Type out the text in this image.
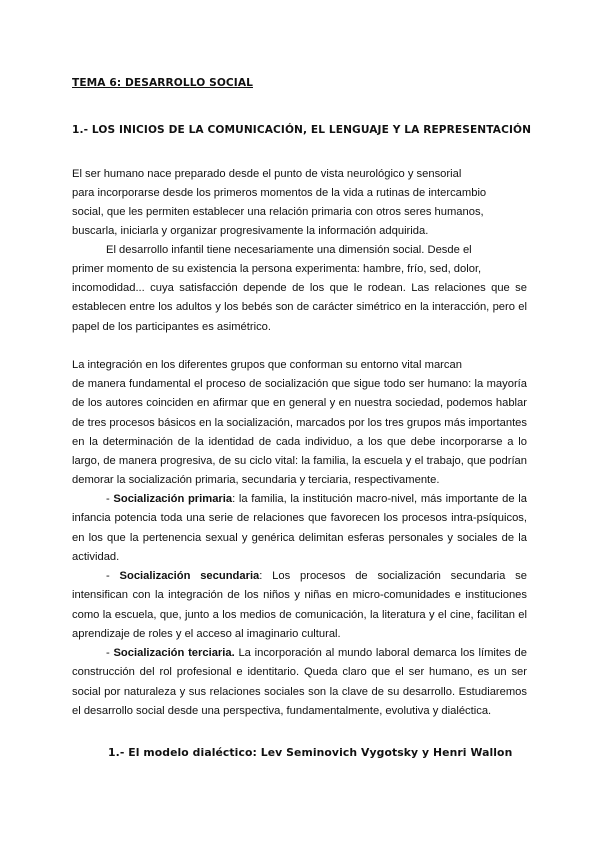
TEMA 6: DESARROLLO SOCIAL
1.- LOS INICIOS DE LA COMUNICACIÓN, EL LENGUAJE Y LA REPRESENTACIÓN
El ser humano nace preparado desde el punto de vista neurológico y sensorial
para incorporarse desde los primeros momentos de la vida a rutinas de intercambio
social, que les permiten establecer una relación primaria con otros seres humanos,
buscarla, iniciarla y organizar progresivamente la información adquirida.
El desarrollo infantil tiene necesariamente una dimensión social. Desde el
primer momento de su existencia la persona experimenta: hambre, frío, sed, dolor,

incomodidad... cuya satisfacción depende de los que le rodean. Las relaciones que se establecen entre los adultos y los bebés son de carácter simétrico en la interacción, pero el papel de los participantes es asimétrico.

La integración en los diferentes grupos que conforman su entorno vital marcan

de manera fundamental el proceso de socialización que sigue todo ser humano: la mayoría de los autores coinciden en afirmar que en general y en nuestra sociedad, podemos hablar de tres procesos básicos en la socialización, marcados por los tres grupos más importantes en la determinación de la identidad de cada individuo, a los que debe incorporarse a lo largo, de manera progresiva, de su ciclo vital: la familia, la escuela y el trabajo, que podrían demorar la socialización primaria, secundaria y terciaria, respectivamente.

- Socialización primaria: la familia, la institución macro-nivel, más importante de la infancia potencia toda una serie de relaciones que favorecen los procesos intra-psíquicos, en los que la pertenencia sexual y genérica delimitan esferas personales y sociales de la actividad.

- Socialización secundaria: Los procesos de socialización secundaria se intensifican con la integración de los niños y niñas en micro-comunidades e instituciones como la escuela, que, junto a los medios de comunicación, la literatura y el cine, facilitan el aprendizaje de roles y el acceso al imaginario cultural.

- Socialización terciaria. La incorporación al mundo laboral demarca los límites de construcción del rol profesional e identitario. Queda claro que el ser humano, es un ser social por naturaleza y sus relaciones sociales son la clave de su desarrollo. Estudiaremos el desarrollo social desde una perspectiva, fundamentalmente, evolutiva y dialéctica.

1.- El modelo dialéctico: Lev Seminovich Vygotsky y Henri Wallon
